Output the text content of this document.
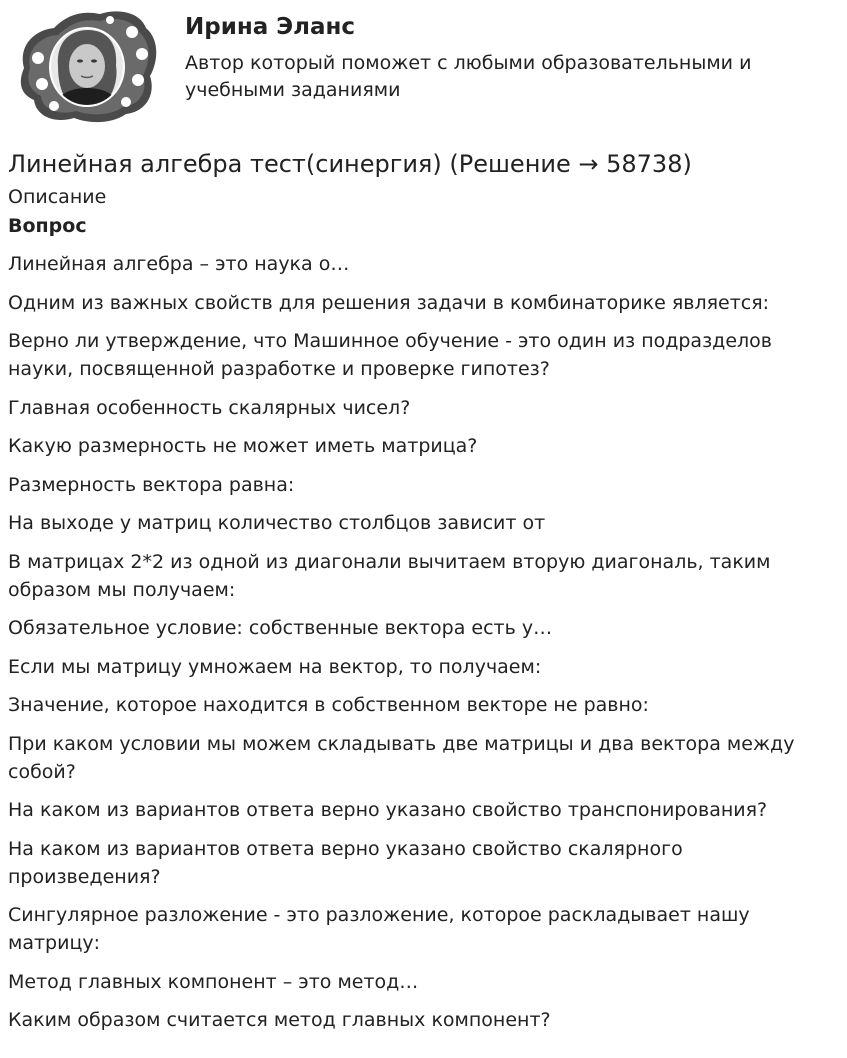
Ирина Эланс

Автор который поможет с любыми образовательными и учебными заданиями

Линейная алгебра тест(синергия) (Решение → 58738)
Описание
Вопрос
Линейная алгебра – это наука о…
Одним из важных свойств для решения задачи в комбинаторике является:
Верно ли утверждение, что Машинное обучение - это один из подразделов науки, посвященной разработке и проверке гипотез?
Главная особенность скалярных чисел?
Какую размерность не может иметь матрица?
Размерность вектора равна:
На выходе у матриц количество столбцов зависит от
В матрицах 2*2 из одной из диагонали вычитаем вторую диагональ, таким образом мы получаем:
Обязательное условие: собственные вектора есть у…
Если мы матрицу умножаем на вектор, то получаем:
Значение, которое находится в собственном векторе не равно:
При каком условии мы можем складывать две матрицы и два вектора между собой?
На каком из вариантов ответа верно указано свойство транспонирования?
На каком из вариантов ответа верно указано свойство скалярного произведения?
Сингулярное разложение - это разложение, которое раскладывает нашу матрицу:
Метод главных компонент – это метод…
Каким образом считается метод главных компонент?
